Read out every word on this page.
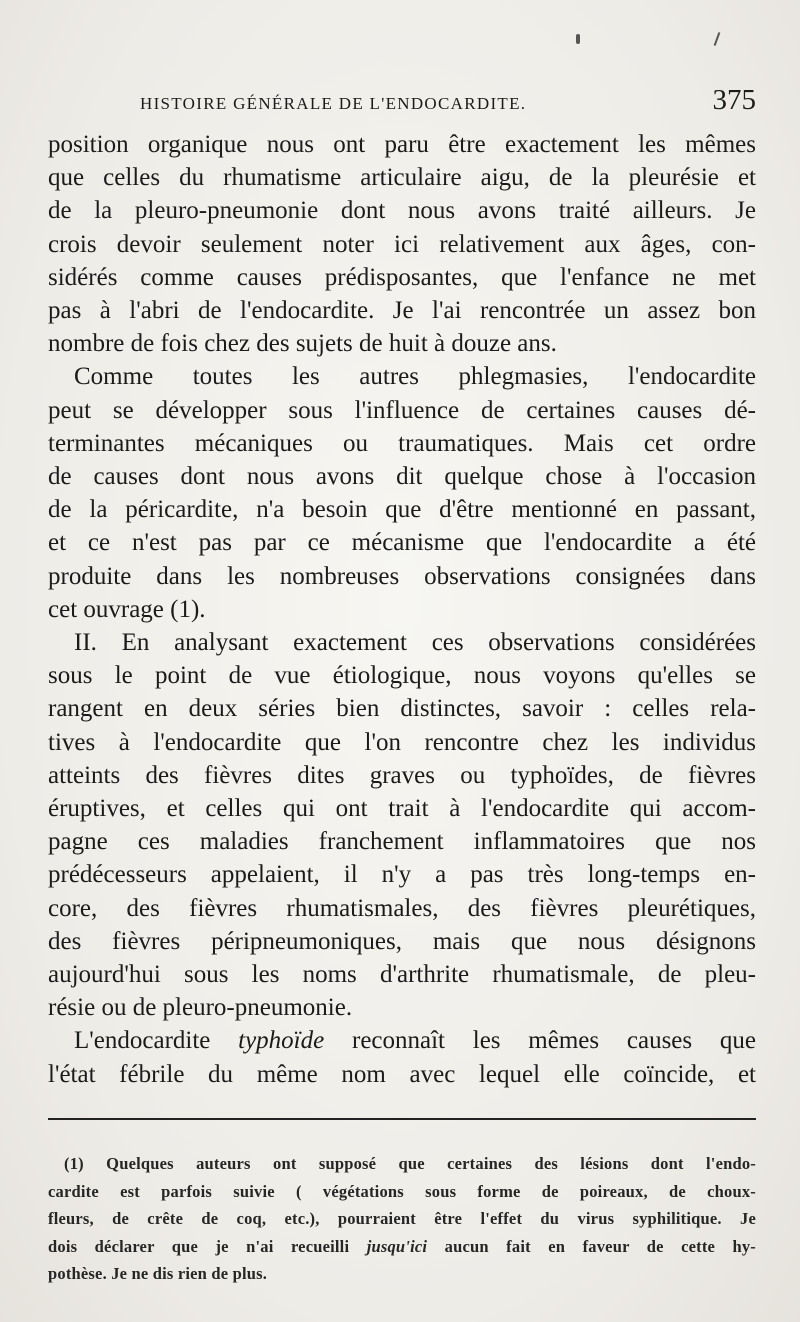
HISTOIRE GÉNÉRALE DE L'ENDOCARDITE.	375

position organique nous ont paru être exactement les mêmes
que celles du rhumatisme articulaire aigu, de la pleurésie et
de la pleuro-pneumonie dont nous avons traité ailleurs. Je
crois devoir seulement noter ici relativement aux âges, con-
sidérés comme causes prédisposantes, que l'enfance ne met
pas à l'abri de l'endocardite. Je l'ai rencontrée un assez bon
nombre de fois chez des sujets de huit à douze ans.

Comme toutes les autres phlegmasies, l'endocardite
peut se développer sous l'influence de certaines causes dé-
terminantes mécaniques ou traumatiques. Mais cet ordre
de causes dont nous avons dit quelque chose à l'occasion
de la péricardite, n'a besoin que d'être mentionné en passant,
et ce n'est pas par ce mécanisme que l'endocardite a été
produite dans les nombreuses observations consignées dans
cet ouvrage (1).

II. En analysant exactement ces observations considérées
sous le point de vue étiologique, nous voyons qu'elles se
rangent en deux séries bien distinctes, savoir : celles rela-
tives à l'endocardite que l'on rencontre chez les individus
atteints des fièvres dites graves ou typhoïdes, de fièvres
éruptives, et celles qui ont trait à l'endocardite qui accom-
pagne ces maladies franchement inflammatoires que nos
prédécesseurs appelaient, il n'y a pas très long-temps en-
core, des fièvres rhumatismales, des fièvres pleurétiques,
des fièvres péripneumoniques, mais que nous désignons
aujourd'hui sous les noms d'arthrite rhumatismale, de pleu-
résie ou de pleuro-pneumonie.

L'endocardite typhoïde reconnaît les mêmes causes que
l'état fébrile du même nom avec lequel elle coïncide, et

(1) Quelques auteurs ont supposé que certaines des lésions dont l'endo-
cardite est parfois suivie ( végétations sous forme de poireaux, de choux-
fleurs, de crête de coq, etc.), pourraient être l'effet du virus syphilitique. Je
dois déclarer que je n'ai recueilli jusqu'ici aucun fait en faveur de cette hy-
pothèse. Je ne dis rien de plus.
